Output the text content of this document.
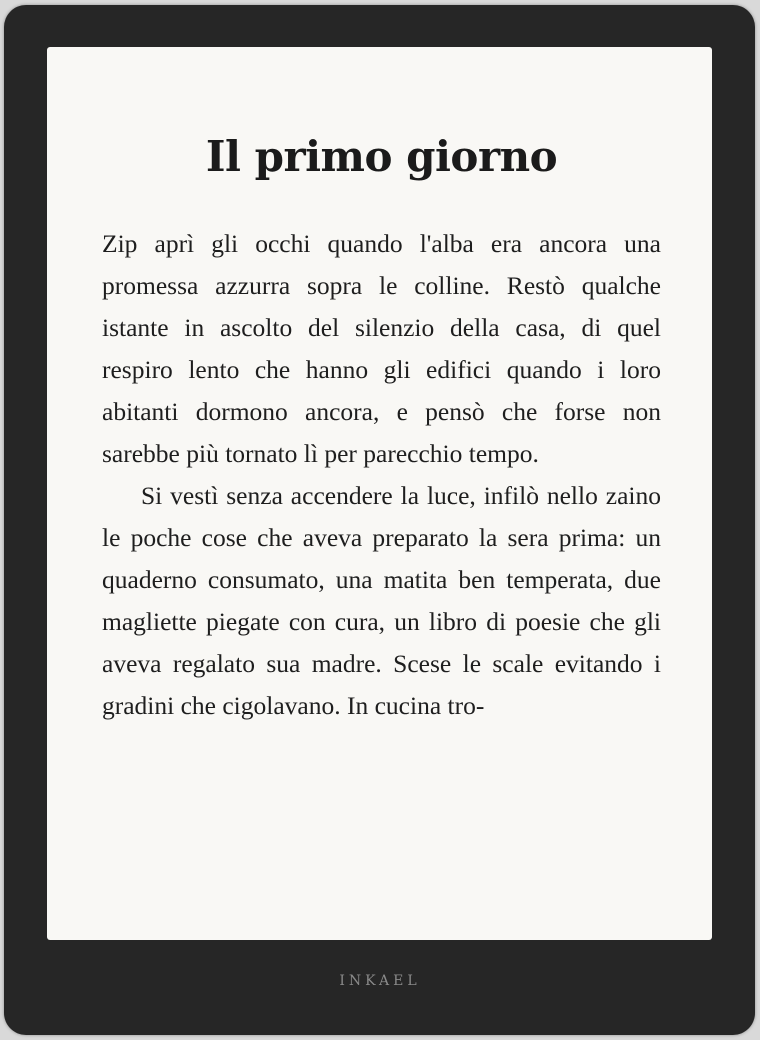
Il primo giorno

Zip aprì gli occhi quando l'alba era ancora una promessa azzurra sopra le colline. Restò qualche istante in ascolto del silenzio della casa, di quel respiro lento che hanno gli edifici quando i loro abitanti dormono ancora, e pensò che forse non sarebbe più tornato lì per parecchio tempo.

Si vestì senza accendere la luce, infilò nello zaino le poche cose che aveva preparato la sera prima: un quaderno consumato, una matita ben temperata, due magliette piegate con cura, un libro di poesie che gli aveva regalato sua madre. Scese le scale evitando i gradini che cigolavano. In cucina tro-

INKAEL
